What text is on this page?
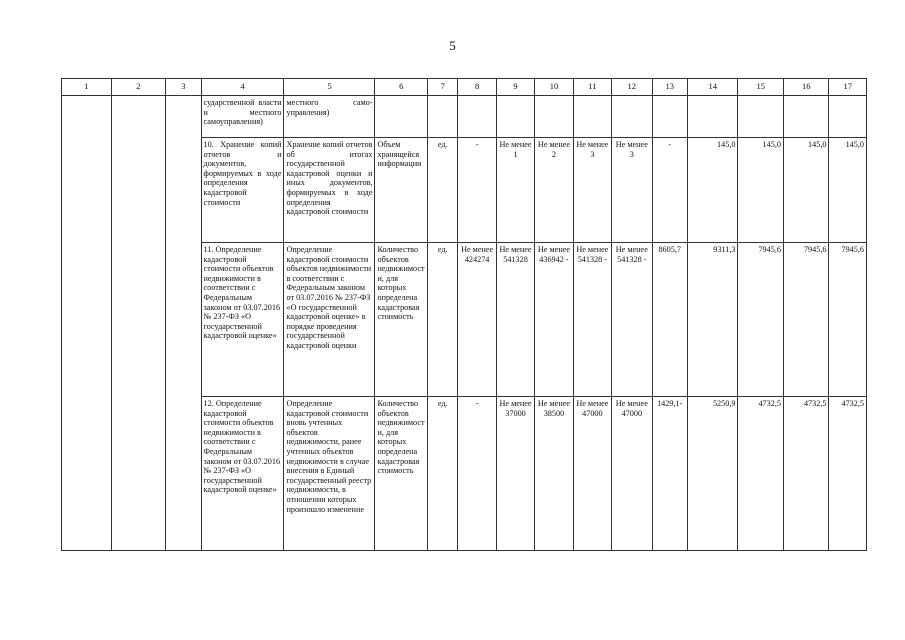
5
1	2	3	4	5	6	7	8	9	10	11	12	13	14	15	16	17
			сударственной власти и местного самоуправления)	местного само-управления)												
			10. Хранение копий отчетов и документов, формируемых в ходе определения кадастровой стоимости	Хранение копий отчетов об итогах государственной кадастровой оценки и иных документов, формируемых в ходе определения кадастровой стоимости	Объем хранящейся информации	ед.	-	Не менее 1	Не менее 2	Не менее 3	Не менее 3	-	145,0	145,0	145,0	145,0
			11. Определение кадастровой стоимости объектов недвижимости в соответствии с Федеральным законом от 03.07.2016 № 237-ФЗ «О государственной кадастровой оценке»	Определение кадастровой стоимости объектов недвижимости в соответствии с Федеральным законом от 03.07.2016 № 237-ФЗ «О государственной кадастровой оценке» в порядке проведения государственной кадастровой оценки	Количество объектов недвижимости, для которых определена кадастровая стоимость	ед.	Не менее 424274	Не менее 541328	Не менее 436942 -	Не менее 541328 -	Не менее 541328 -	8605,7	9311,3	7945,6	7945,6	7945,6
			12. Определение кадастровой стоимости объектов недвижимости в соответствии с Федеральным законом от 03.07.2016 № 237-ФЗ «О государственной кадастровой оценке»	Определение кадастровой стоимости вновь учтенных объектов недвижимости, ранее учтенных объектов недвижимости в случае внесения в Единый государственный реестр недвижимости, в отношении которых произошло изменение	Количество объектов недвижимости, для которых определена кадастровая стоимость	ед.	-	Не менее 37000	Не менее 38500	Не менее 47000	Не менее 47000	1429,1-	5250,9	4732,5	4732,5	4732,5
